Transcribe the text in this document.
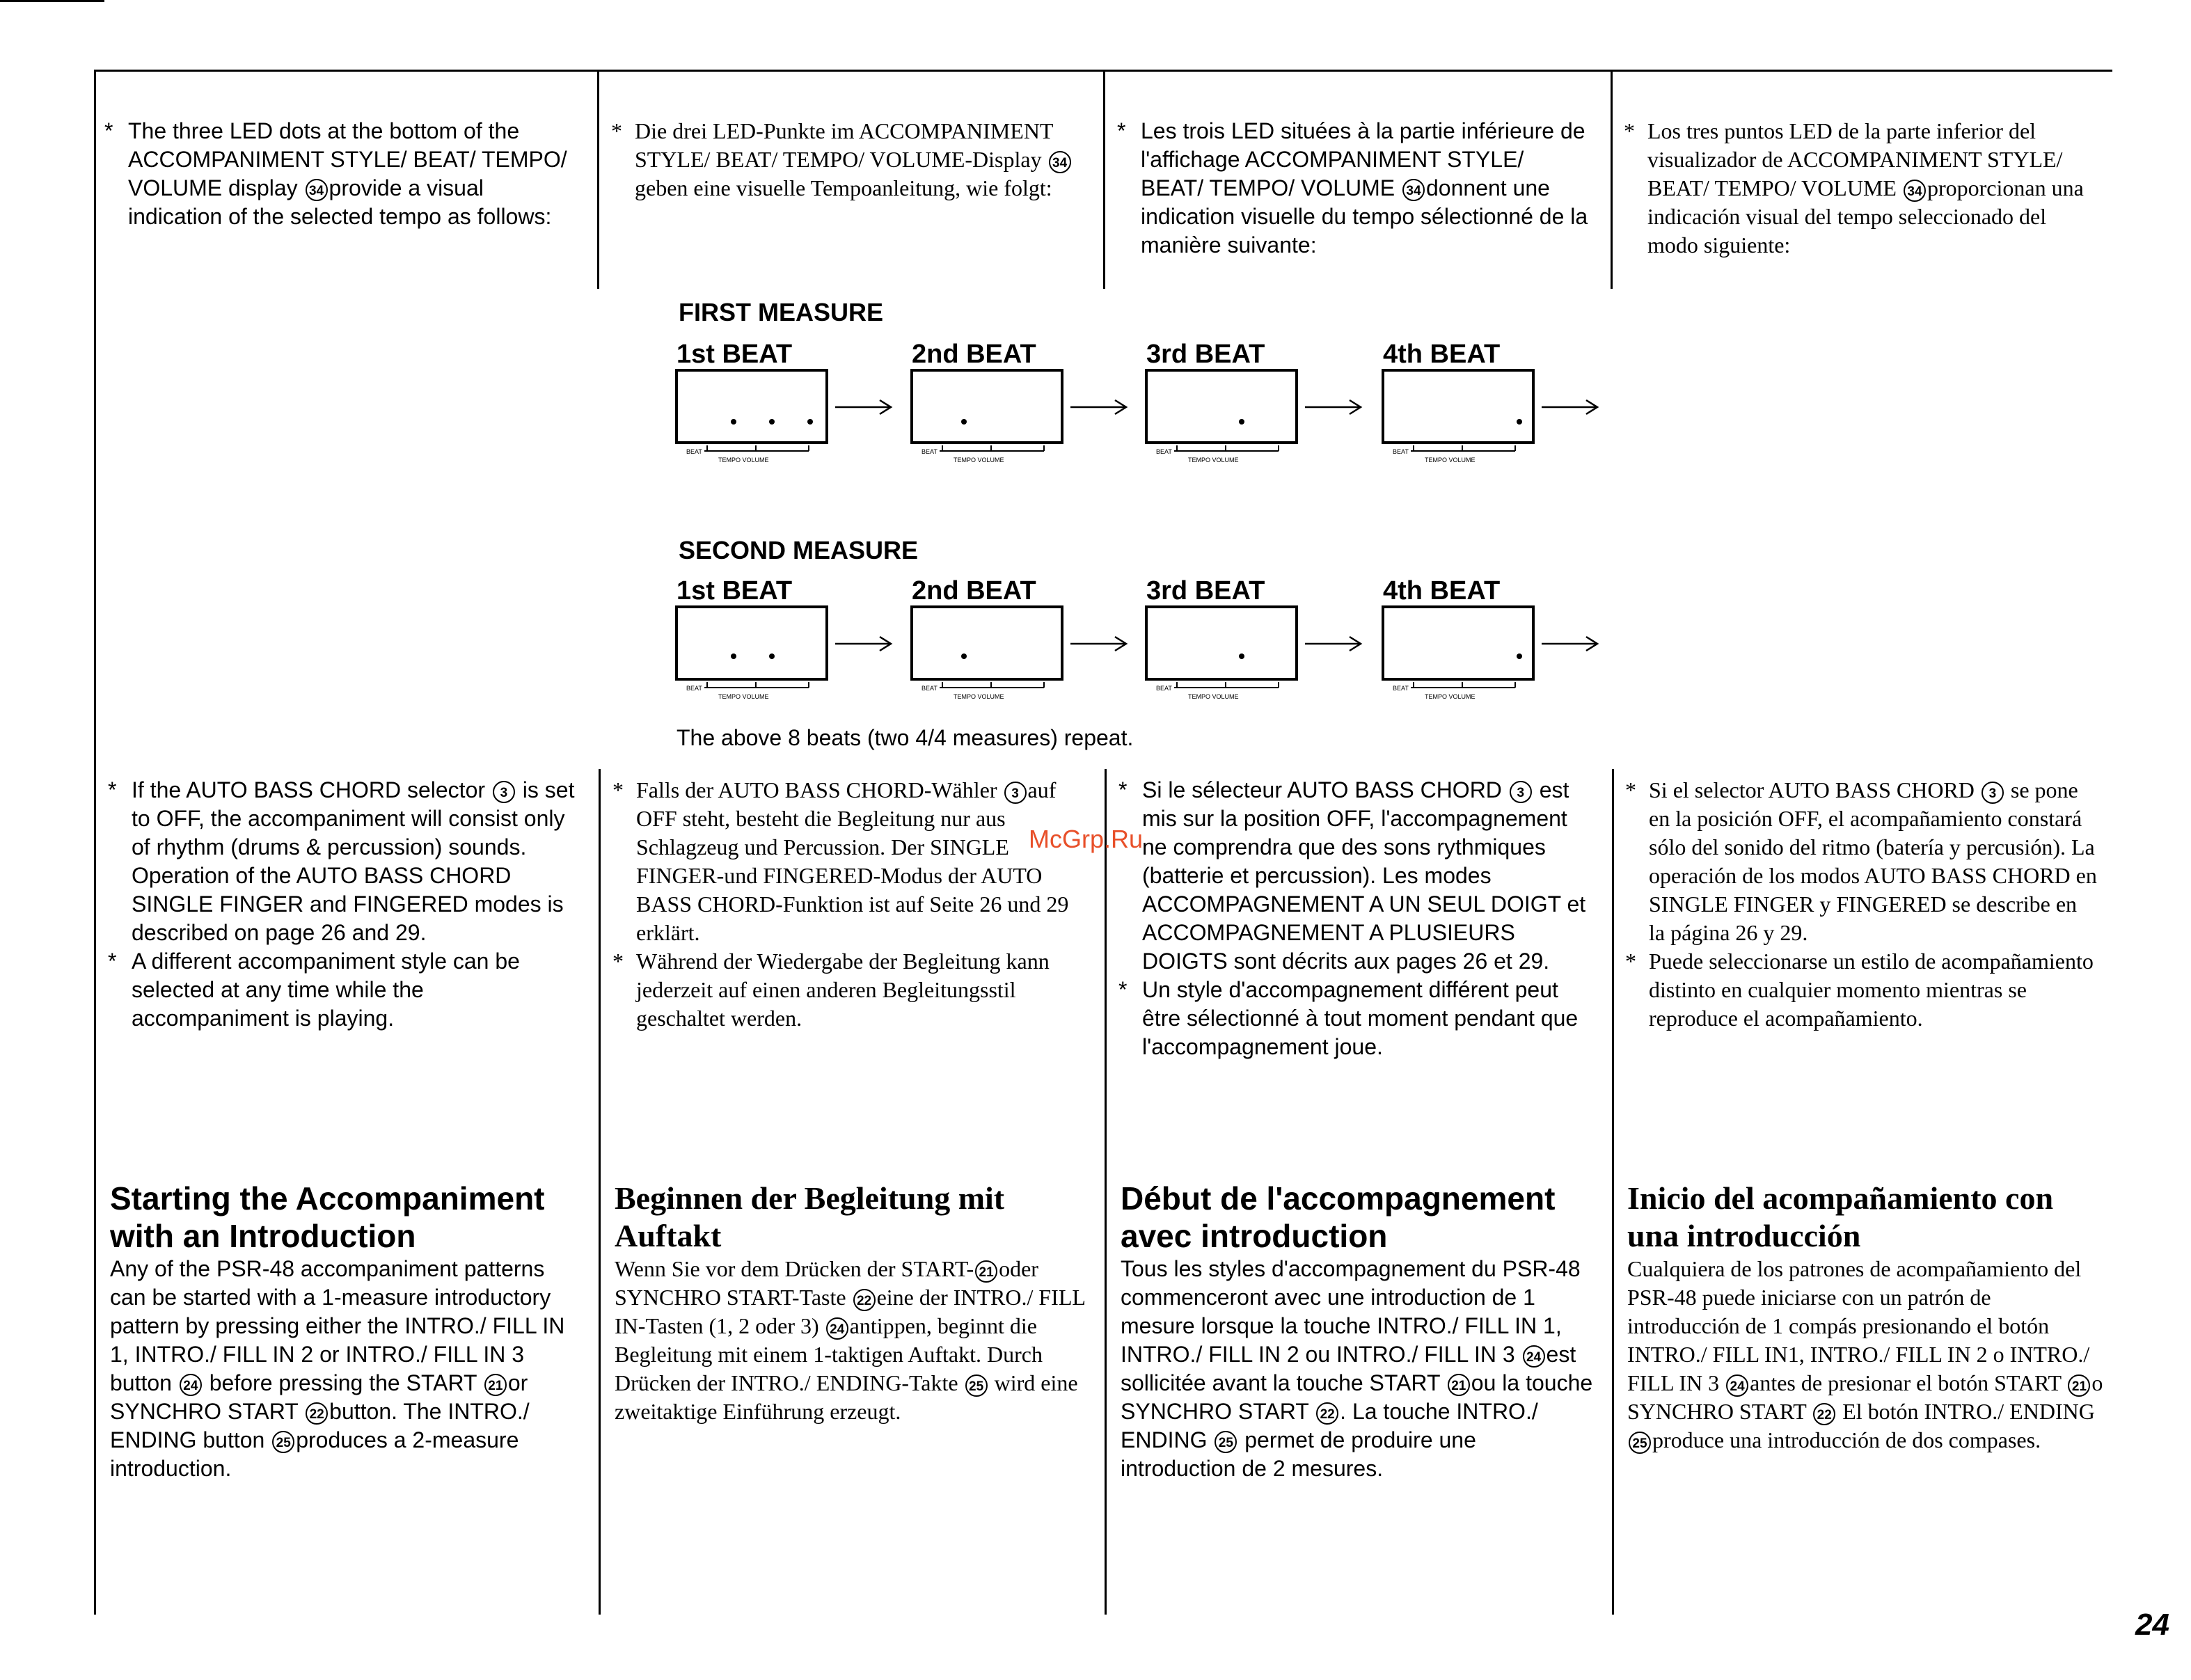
* The three LED dots at the bottom of the ACCOMPANIMENT STYLE/ BEAT/ TEMPO/ VOLUME display 34 provide a visual indication of the selected tempo as follows:

* Die drei LED-Punkte im ACCOMPANIMENT STYLE/ BEAT/ TEMPO/ VOLUME-Display 34geben eine visuelle Tempoanleitung, wie folgt:

* Les trois LED situées à la partie inférieure de l'affichage ACCOMPANIMENT STYLE/ BEAT/ TEMPO/ VOLUME 34 donnent une indication visuelle du tempo sélectionné de la manière suivante:

* Los tres puntos LED de la parte inferior del visualizador de ACCOMPANIMENT STYLE/ BEAT/ TEMPO/ VOLUME 34 proporcionan una indicación visual del tempo seleccionado del modo siguiente:

FIRST MEASURE
SECOND MEASURE
1st BEAT
BEAT
TEMPO VOLUME
2nd BEAT
BEAT
TEMPO VOLUME
3rd BEAT
BEAT
TEMPO VOLUME
4th BEAT
BEAT
TEMPO VOLUME
1st BEAT
BEAT
TEMPO VOLUME
2nd BEAT
BEAT
TEMPO VOLUME
3rd BEAT
BEAT
TEMPO VOLUME
4th BEAT
BEAT
TEMPO VOLUME
The above 8 beats (two 4/4 measures) repeat.

* If the AUTO BASS CHORD selector 3 is set to OFF, the accompaniment will consist only of rhythm (drums & percussion) sounds. Operation of the AUTO BASS CHORD SINGLE FINGER and FINGERED modes is described on page 26 and 29.

* A different accompaniment style can be selected at any time while the accompaniment is playing.

* Falls der AUTO BASS CHORD-Wähler 3 auf OFF steht, besteht die Begleitung nur aus Schlagzeug und Percussion. Der SINGLE FINGER-und FINGERED-Modus der AUTO BASS CHORD-Funktion ist auf Seite 26 und 29 erklärt.

* Während der Wiedergabe der Begleitung kann jederzeit auf einen anderen Begleitungsstil geschaltet werden.

* Si le sélecteur AUTO BASS CHORD 3 est mis sur la position OFF, l'accompagnement ne comprendra que des sons rythmiques (batterie et percussion). Les modes ACCOMPAGNEMENT A UN SEUL DOIGT et ACCOMPAGNEMENT A PLUSIEURS DOIGTS sont décrits aux pages 26 et 29.

* Un style d'accompagnement différent peut être sélectionné à tout moment pendant que l'accompagnement joue.

* Si el selector AUTO BASS CHORD 3 se pone en la posición OFF, el acompañamiento constará sólo del sonido del ritmo (batería y percusión). La operación de los modos AUTO BASS CHORD en SINGLE FINGER y FINGERED se describe en la página 26 y 29.

* Puede seleccionarse un estilo de acompañamiento distinto en cualquier momento mientras se reproduce el acompañamiento.

McGrp.Ru

Starting the Accompaniment with an Introduction

Any of the PSR-48 accompaniment patterns can be started with a 1-measure introductory pattern by pressing either the INTRO./ FILL IN 1, INTRO./ FILL IN 2 or INTRO./ FILL IN 3 button 24 before pressing the START 21 or SYNCHRO START 22 button. The INTRO./ ENDING button 25 produces a 2-measure introduction.

Beginnen der Begleitung mit Auftakt

Wenn Sie vor dem Drücken der START- 21 oder SYNCHRO START-Taste 22 eine der INTRO./ FILL IN-Tasten (1, 2 oder 3) 24 antippen, beginnt die Begleitung mit einem 1-taktigen Auftakt. Durch Drücken der INTRO./ ENDING-Takte 25 wird eine zweitaktige Einführung erzeugt.

Début de l'accompagnement avec introduction

Tous les styles d'accompagnement du PSR-48 commenceront avec une introduction de 1 mesure lorsque la touche INTRO./ FILL IN 1, INTRO./ FILL IN 2 ou INTRO./ FILL IN 3 24 est sollicitée avant la touche START 21 ou la touche SYNCHRO START 22 . La touche INTRO./ ENDING 25 permet de produire une introduction de 2 mesures.

Inicio del acompañamiento con una introducción

Cualquiera de los patrones de acompañamiento del PSR-48 puede iniciarse con un patrón de introducción de 1 compás presionando el botón INTRO./ FILL IN1, INTRO./ FILL IN 2 o INTRO./ FILL IN 3 24 antes de presionar el botón START 21 o SYNCHRO START 22 El botón INTRO./ ENDING 25 produce una introducción de dos compases.

24
